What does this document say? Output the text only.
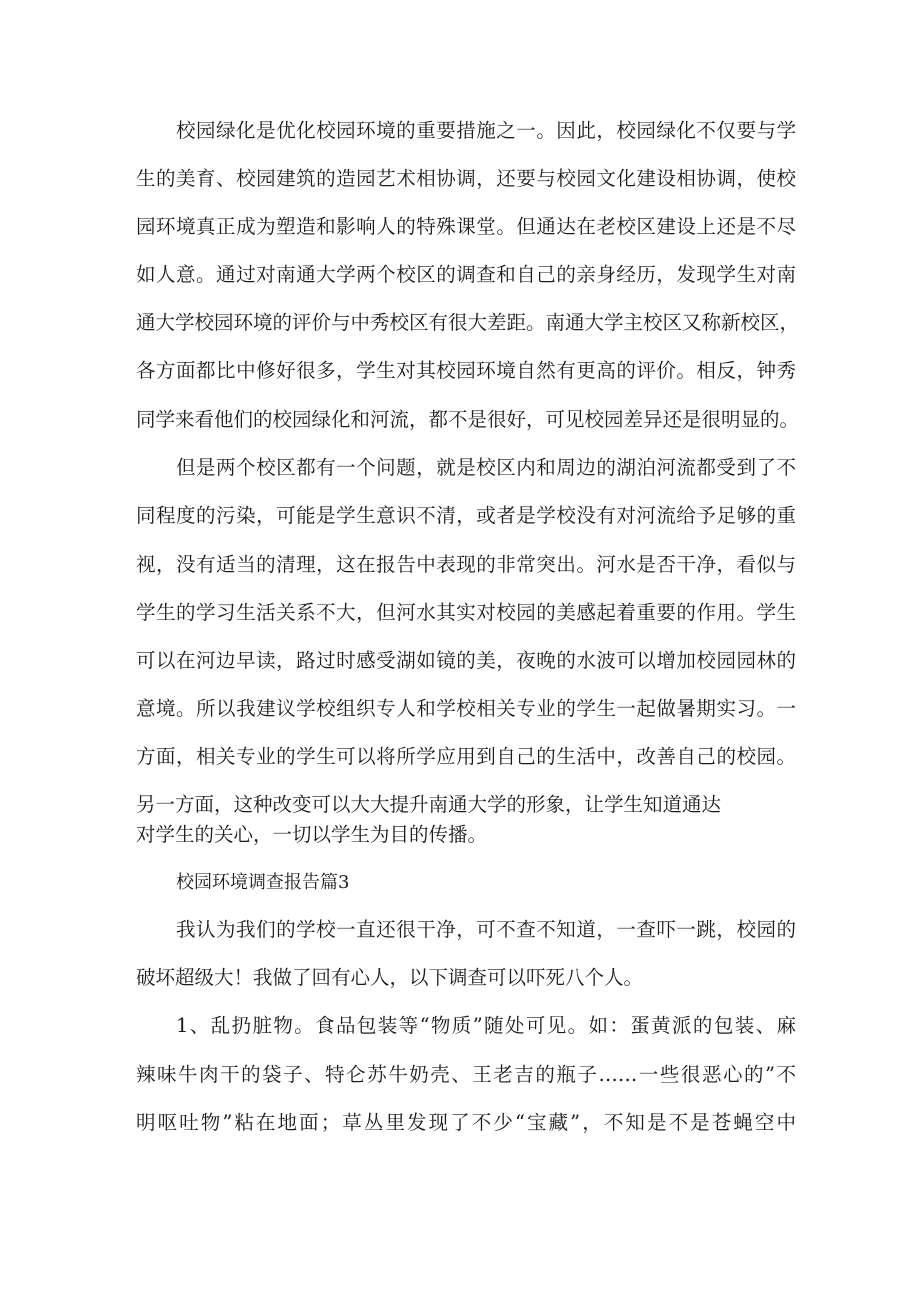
校园绿化是优化校园环境的重要措施之一。因此，校园绿化不仅要与学
生的美育、校园建筑的造园艺术相协调，还要与校园文化建设相协调，使校
园环境真正成为塑造和影响人的特殊课堂。但通达在老校区建设上还是不尽
如人意。通过对南通大学两个校区的调查和自己的亲身经历，发现学生对南
通大学校园环境的评价与中秀校区有很大差距。南通大学主校区又称新校区，
各方面都比中修好很多，学生对其校园环境自然有更高的评价。相反，钟秀
同学来看他们的校园绿化和河流，都不是很好，可见校园差异还是很明显的。
但是两个校区都有一个问题，就是校区内和周边的湖泊河流都受到了不
同程度的污染，可能是学生意识不清，或者是学校没有对河流给予足够的重
视，没有适当的清理，这在报告中表现的非常突出。河水是否干净，看似与
学生的学习生活关系不大，但河水其实对校园的美感起着重要的作用。学生
可以在河边早读，路过时感受湖如镜的美，夜晚的水波可以增加校园园林的
意境。所以我建议学校组织专人和学校相关专业的学生一起做暑期实习。一
方面，相关专业的学生可以将所学应用到自己的生活中，改善自己的校园。
另一方面，这种改变可以大大提升南通大学的形象，让学生知道通达
对学生的关心，一切以学生为目的传播。
校园环境调查报告篇3
我认为我们的学校一直还很干净，可不查不知道，一查吓一跳，校园的
破坏超级大！我做了回有心人，以下调查可以吓死八个人。
1、乱扔脏物。食品包装等“物质”随处可见。如：蛋黄派的包装、麻
辣味牛肉干的袋子、特仑苏牛奶壳、王老吉的瓶子……一些很恶心的”不
明呕吐物”粘在地面；草丛里发现了不少“宝藏”，不知是不是苍蝇空中
